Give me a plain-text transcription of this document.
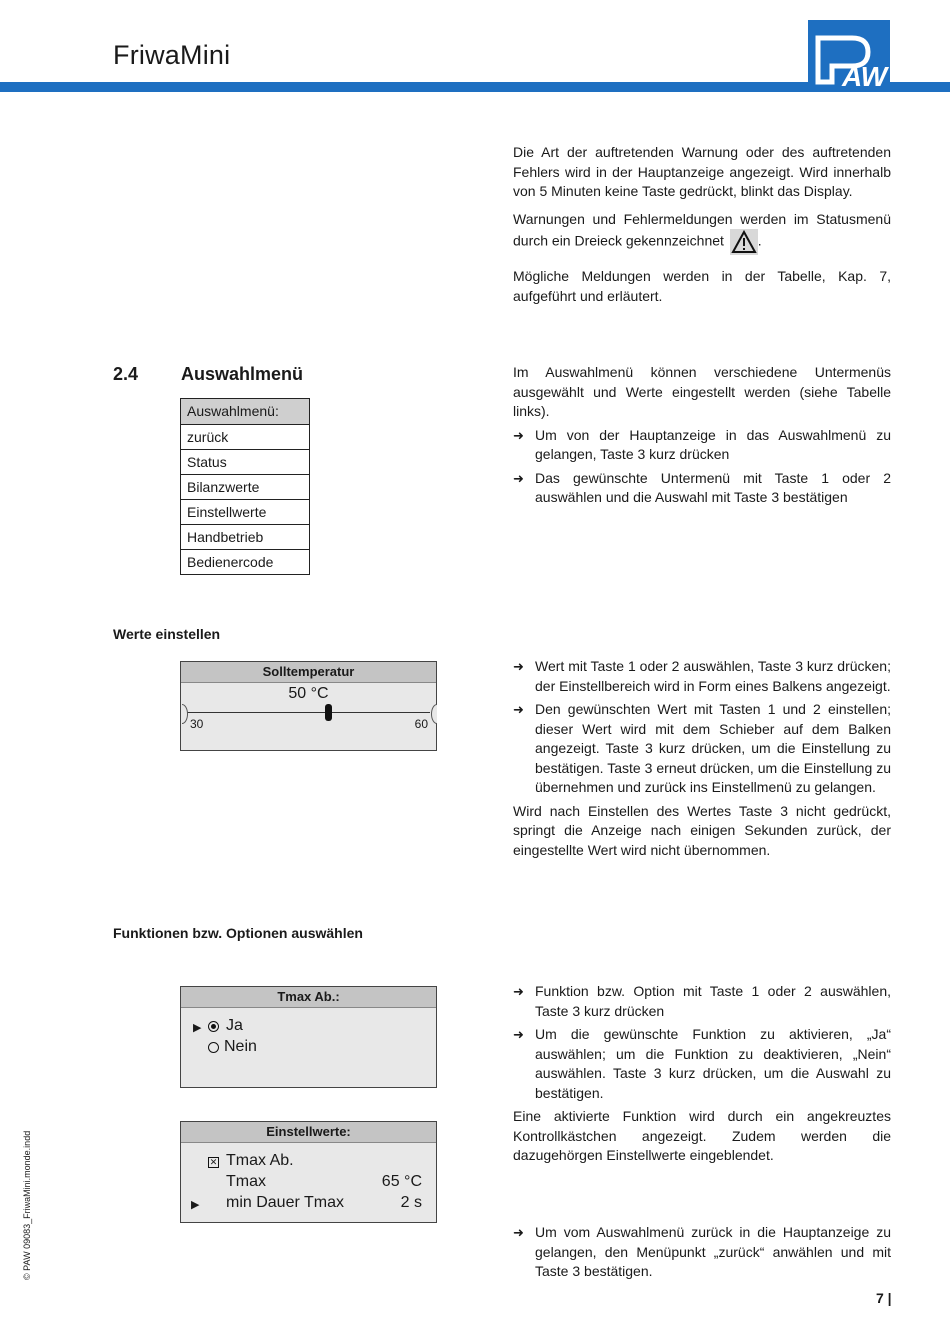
FriwaMini
AW
Die Art der auftretenden Warnung oder des auftretenden Fehlers wird in der Hauptanzeige angezeigt. Wird innerhalb von 5 Minuten keine Taste gedrückt, blinkt das Display.
Warnungen und Fehlermeldungen werden im Statusmenü durch ein Dreieck gekennzeichnet .
Mögliche Meldungen werden in der Tabelle, Kap. 7, aufgeführt und erläutert.
2.4 Auswahlmenü
Auswahlmenü:
zurück
Status
Bilanzwerte
Einstellwerte
Handbetrieb
Bedienercode
Im Auswahlmenü können verschiedene Untermenüs ausgewählt und Werte eingestellt werden (siehe Tabelle links).
➜ Um von der Hauptanzeige in das Auswahlmenü zu gelangen, Taste 3 kurz drücken
➜ Das gewünschte Untermenü mit Taste 1 oder 2 auswählen und die Auswahl mit Taste 3 bestätigen
Werte einstellen
Solltemperatur
50 °C
30	60
➜ Wert mit Taste 1 oder 2 auswählen, Taste 3 kurz drücken; der Einstellbereich wird in Form eines Balkens angezeigt.
➜ Den gewünschten Wert mit Tasten 1 und 2 einstellen; dieser Wert wird mit dem Schieber auf dem Balken angezeigt. Taste 3 kurz drücken, um die Einstellung zu bestätigen. Taste 3 erneut drücken, um die Einstellung zu übernehmen und zurück ins Einstellmenü zu gelangen.
Wird nach Einstellen des Wertes Taste 3 nicht gedrückt, springt die Anzeige nach einigen Sekunden zurück, der eingestellte Wert wird nicht übernommen.
Funktionen bzw. Optionen auswählen
Tmax Ab.:
▶ Ja
Nein
Einstellwerte:
✕ Tmax Ab.
Tmax	65 °C
▶ min Dauer Tmax	2 s
➜ Funktion bzw. Option mit Taste 1 oder 2 auswählen, Taste 3 kurz drücken
➜ Um die gewünschte Funktion zu aktivieren, „Ja“ auswählen; um die Funktion zu deaktivieren, „Nein“ auswählen. Taste 3 kurz drücken, um die Auswahl zu bestätigen.
Eine aktivierte Funktion wird durch ein angekreuztes Kontrollkästchen angezeigt. Zudem werden die dazugehörgen Einstellwerte eingeblendet.
➜ Um vom Auswahlmenü zurück in die Hauptanzeige zu gelangen, den Menüpunkt „zurück“ anwählen und mit Taste 3 bestätigen.
© PAW 09083_FriwaMini.monde.indd
7 |
